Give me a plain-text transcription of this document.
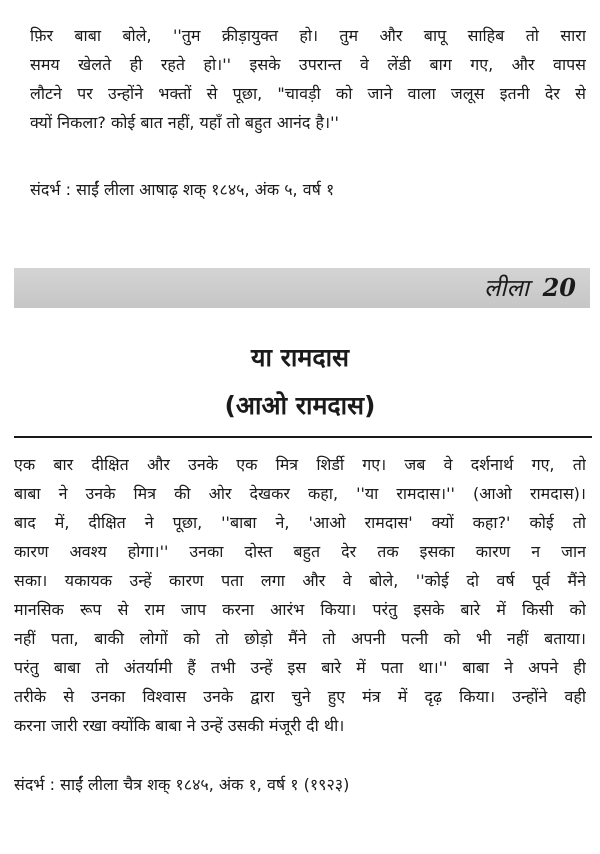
फ़िर बाबा बोले, ''तुम क्रीड़ायुक्त हो। तुम और बापू साहिब तो सारा
समय खेलते ही रहते हो।'' इसके उपरान्त वे लेंडी बाग गए, और वापस
लौटने पर उन्होंने भक्तों से पूछा, "चावड़ी को जाने वाला जलूस इतनी देर से
क्यों निकला? कोई बात नहीं, यहाँ तो बहुत आनंद है।''
संदर्भ : साईं लीला आषाढ़ शक् १८४५, अंक ५, वर्ष १
लीला 20
या रामदास
(आओ रामदास)
एक बार दीक्षित और उनके एक मित्र शिर्डी गए। जब वे दर्शनार्थ गए, तो
बाबा ने उनके मित्र की ओर देखकर कहा, ''या रामदास।'' (आओ रामदास)।
बाद में, दीक्षित ने पूछा, ''बाबा ने, 'आओ रामदास' क्यों कहा?' कोई तो
कारण अवश्य होगा।'' उनका दोस्त बहुत देर तक इसका कारण न जान
सका। यकायक उन्हें कारण पता लगा और वे बोले, ''कोई दो वर्ष पूर्व मैंने
मानसिक रूप से राम जाप करना आरंभ किया। परंतु इसके बारे में किसी को
नहीं पता, बाकी लोगों को तो छोड़ो मैंने तो अपनी पत्नी को भी नहीं बताया।
परंतु बाबा तो अंतर्यामी हैं तभी उन्हें इस बारे में पता था।'' बाबा ने अपने ही
तरीके से उनका विश्वास उनके द्वारा चुने हुए मंत्र में दृढ़ किया। उन्होंने वही
करना जारी रखा क्योंकि बाबा ने उन्हें उसकी मंजूरी दी थी।
संदर्भ : साईं लीला चैत्र शक् १८४५, अंक १, वर्ष १ (१९२३)
